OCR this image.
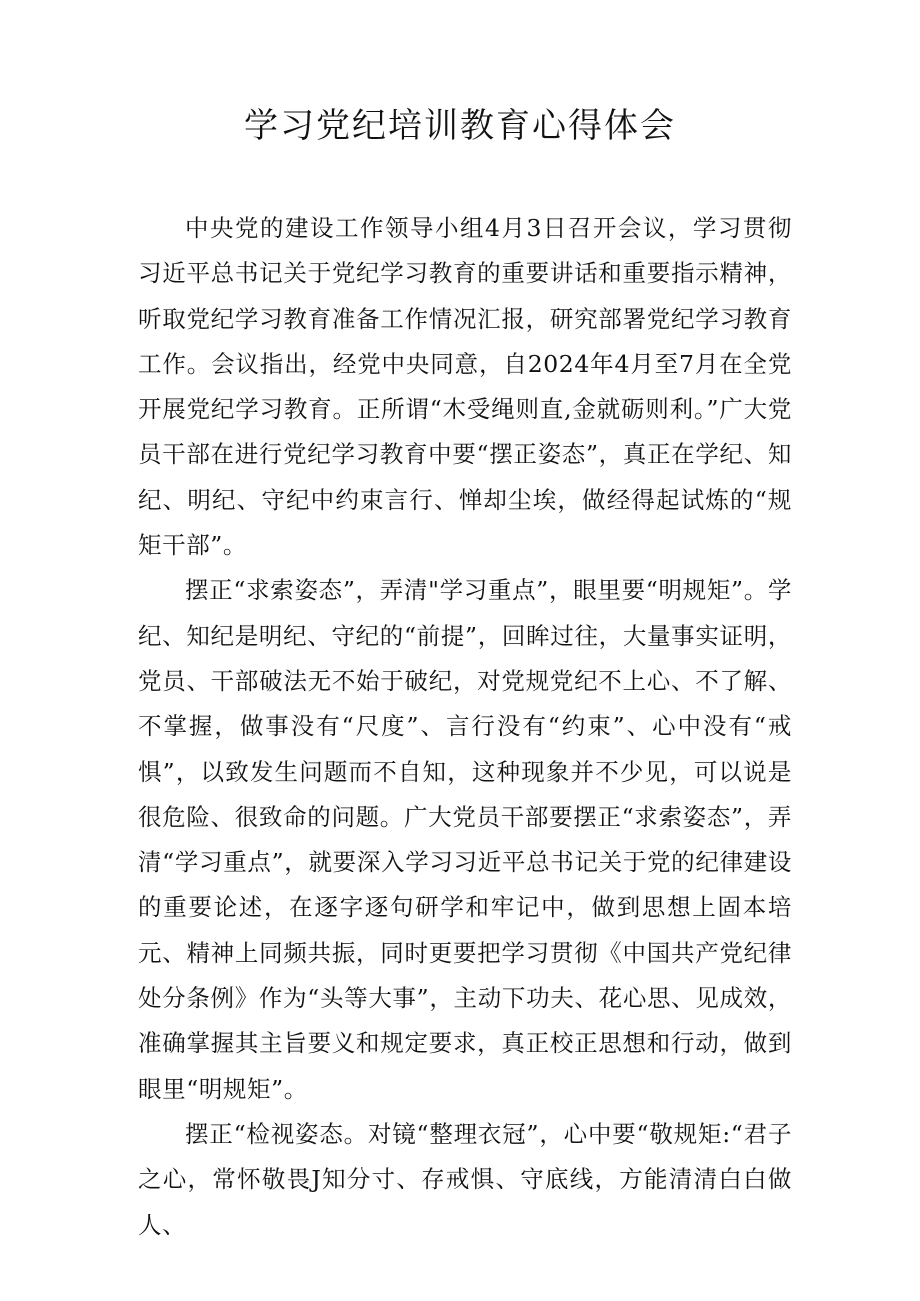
学习党纪培训教育心得体会

中央党的建设工作领导小组4月3日召开会议，学习贯彻习近平总书记关于党纪学习教育的重要讲话和重要指示精神，听取党纪学习教育准备工作情况汇报，研究部署党纪学习教育工作。会议指出，经党中央同意，自2024年4月至7月在全党开展党纪学习教育。正所谓“木受绳则直,金就砺则利。”广大党员干部在进行党纪学习教育中要“摆正姿态”，真正在学纪、知纪、明纪、守纪中约束言行、惮却尘埃，做经得起试炼的“规矩干部”。

摆正“求索姿态”，弄清"学习重点”，眼里要“明规矩”。学纪、知纪是明纪、守纪的“前提”，回眸过往，大量事实证明，党员、干部破法无不始于破纪，对党规党纪不上心、不了解、不掌握，做事没有“尺度”、言行没有“约束”、心中没有“戒惧”，以致发生问题而不自知，这种现象并不少见，可以说是很危险、很致命的问题。广大党员干部要摆正“求索姿态”，弄清“学习重点”，就要深入学习习近平总书记关于党的纪律建设的重要论述，在逐字逐句研学和牢记中，做到思想上固本培元、精神上同频共振，同时更要把学习贯彻《中国共产党纪律处分条例》作为“头等大事”，主动下功夫、花心思、见成效，准确掌握其主旨要义和规定要求，真正校正思想和行动，做到眼里“明规矩”。

摆正“检视姿态。对镜“整理衣冠”，心中要“敬规矩:“君子之心，常怀敬畏J知分寸、存戒惧、守底线，方能清清白白做人、
